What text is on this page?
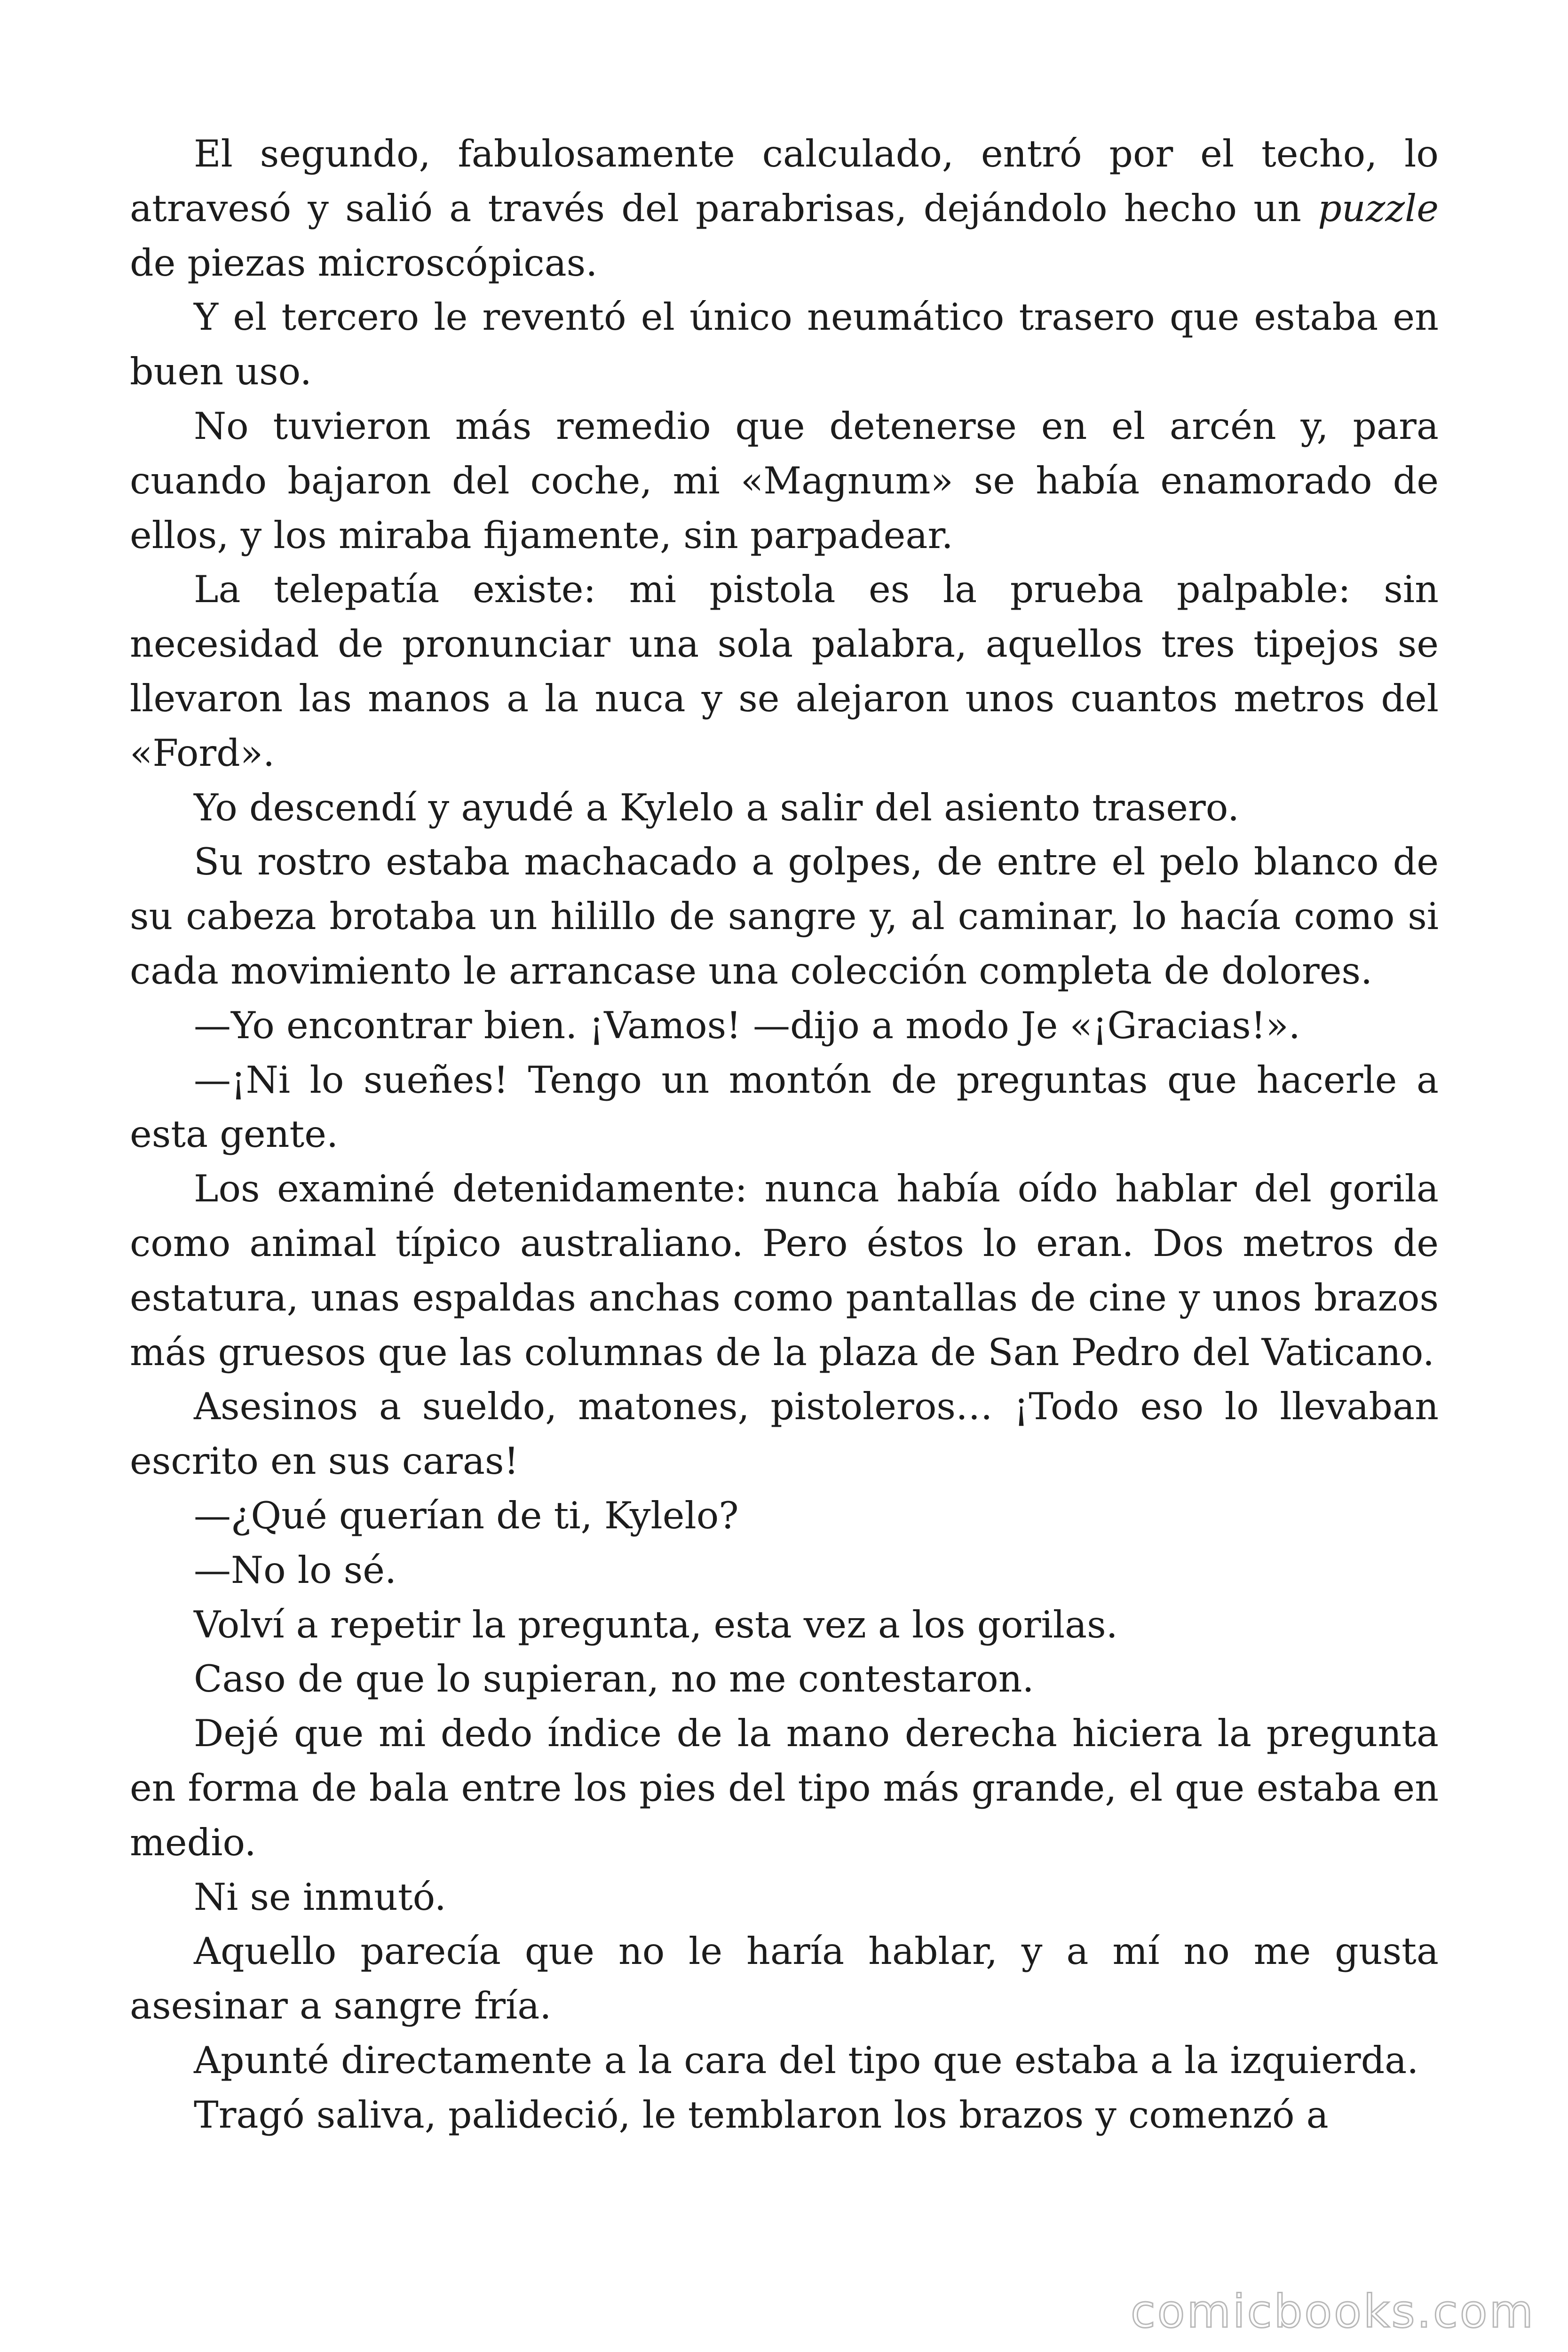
El segundo, fabulosamente calculado, entró por el techo, lo atravesó y salió a través del parabrisas, dejándolo hecho un puzzle de piezas microscópicas.

Y el tercero le reventó el único neumático trasero que estaba en buen uso.

No tuvieron más remedio que detenerse en el arcén y, para cuando bajaron del coche, mi «Magnum» se había enamorado de ellos, y los miraba fijamente, sin parpadear.

La telepatía existe: mi pistola es la prueba palpable: sin necesidad de pronunciar una sola palabra, aquellos tres tipejos se llevaron las manos a la nuca y se alejaron unos cuantos metros del «Ford».

Yo descendí y ayudé a Kylelo a salir del asiento trasero.

Su rostro estaba machacado a golpes, de entre el pelo blanco de su cabeza brotaba un hilillo de sangre y, al caminar, lo hacía como si cada movimiento le arrancase una colección completa de dolores.

—Yo encontrar bien. ¡Vamos! —dijo a modo Je «¡Gracias!».

—¡Ni lo sueñes! Tengo un montón de preguntas que hacerle a esta gente.

Los examiné detenidamente: nunca había oído hablar del gorila como animal típico australiano. Pero éstos lo eran. Dos metros de estatura, unas espaldas anchas como pantallas de cine y unos brazos más gruesos que las columnas de la plaza de San Pedro del Vaticano.

Asesinos a sueldo, matones, pistoleros… ¡Todo eso lo llevaban escrito en sus caras!

—¿Qué querían de ti, Kylelo?

—No lo sé.

Volví a repetir la pregunta, esta vez a los gorilas.

Caso de que lo supieran, no me contestaron.

Dejé que mi dedo índice de la mano derecha hiciera la pregunta en forma de bala entre los pies del tipo más grande, el que estaba en medio.

Ni se inmutó.

Aquello parecía que no le haría hablar, y a mí no me gusta asesinar a sangre fría.

Apunté directamente a la cara del tipo que estaba a la izquierda.

Tragó saliva, palideció, le temblaron los brazos y comenzó a

comicbooks.com
